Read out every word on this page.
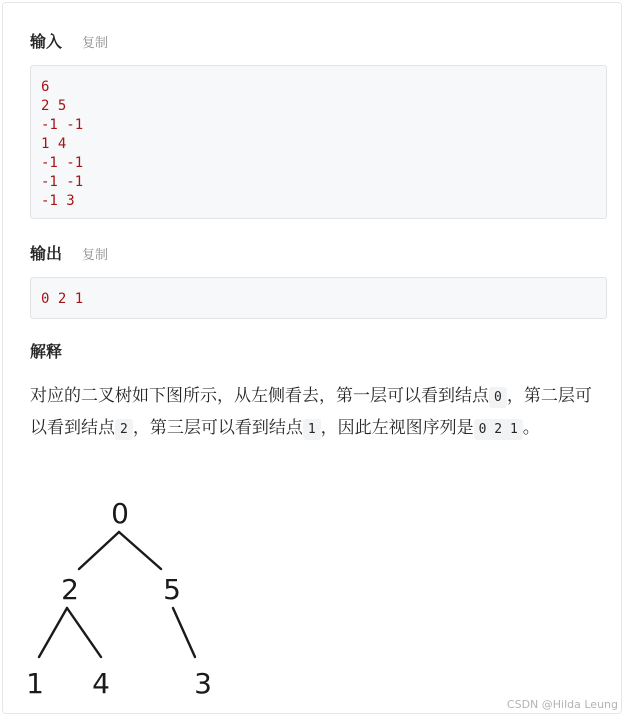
输入 复制
6
2 5
-1 -1
1 4
-1 -1
-1 -1
-1 3
输出 复制
0 2 1
解释
对应的二叉树如下图所示，从左侧看去，第一层可以看到结点 0 ，第二层可以看到结点 2 ，第三层可以看到结点 1 ，因此左视图序列是 0 2 1 。
0
2	5
1 4	3
CSDN @Hilda Leung
